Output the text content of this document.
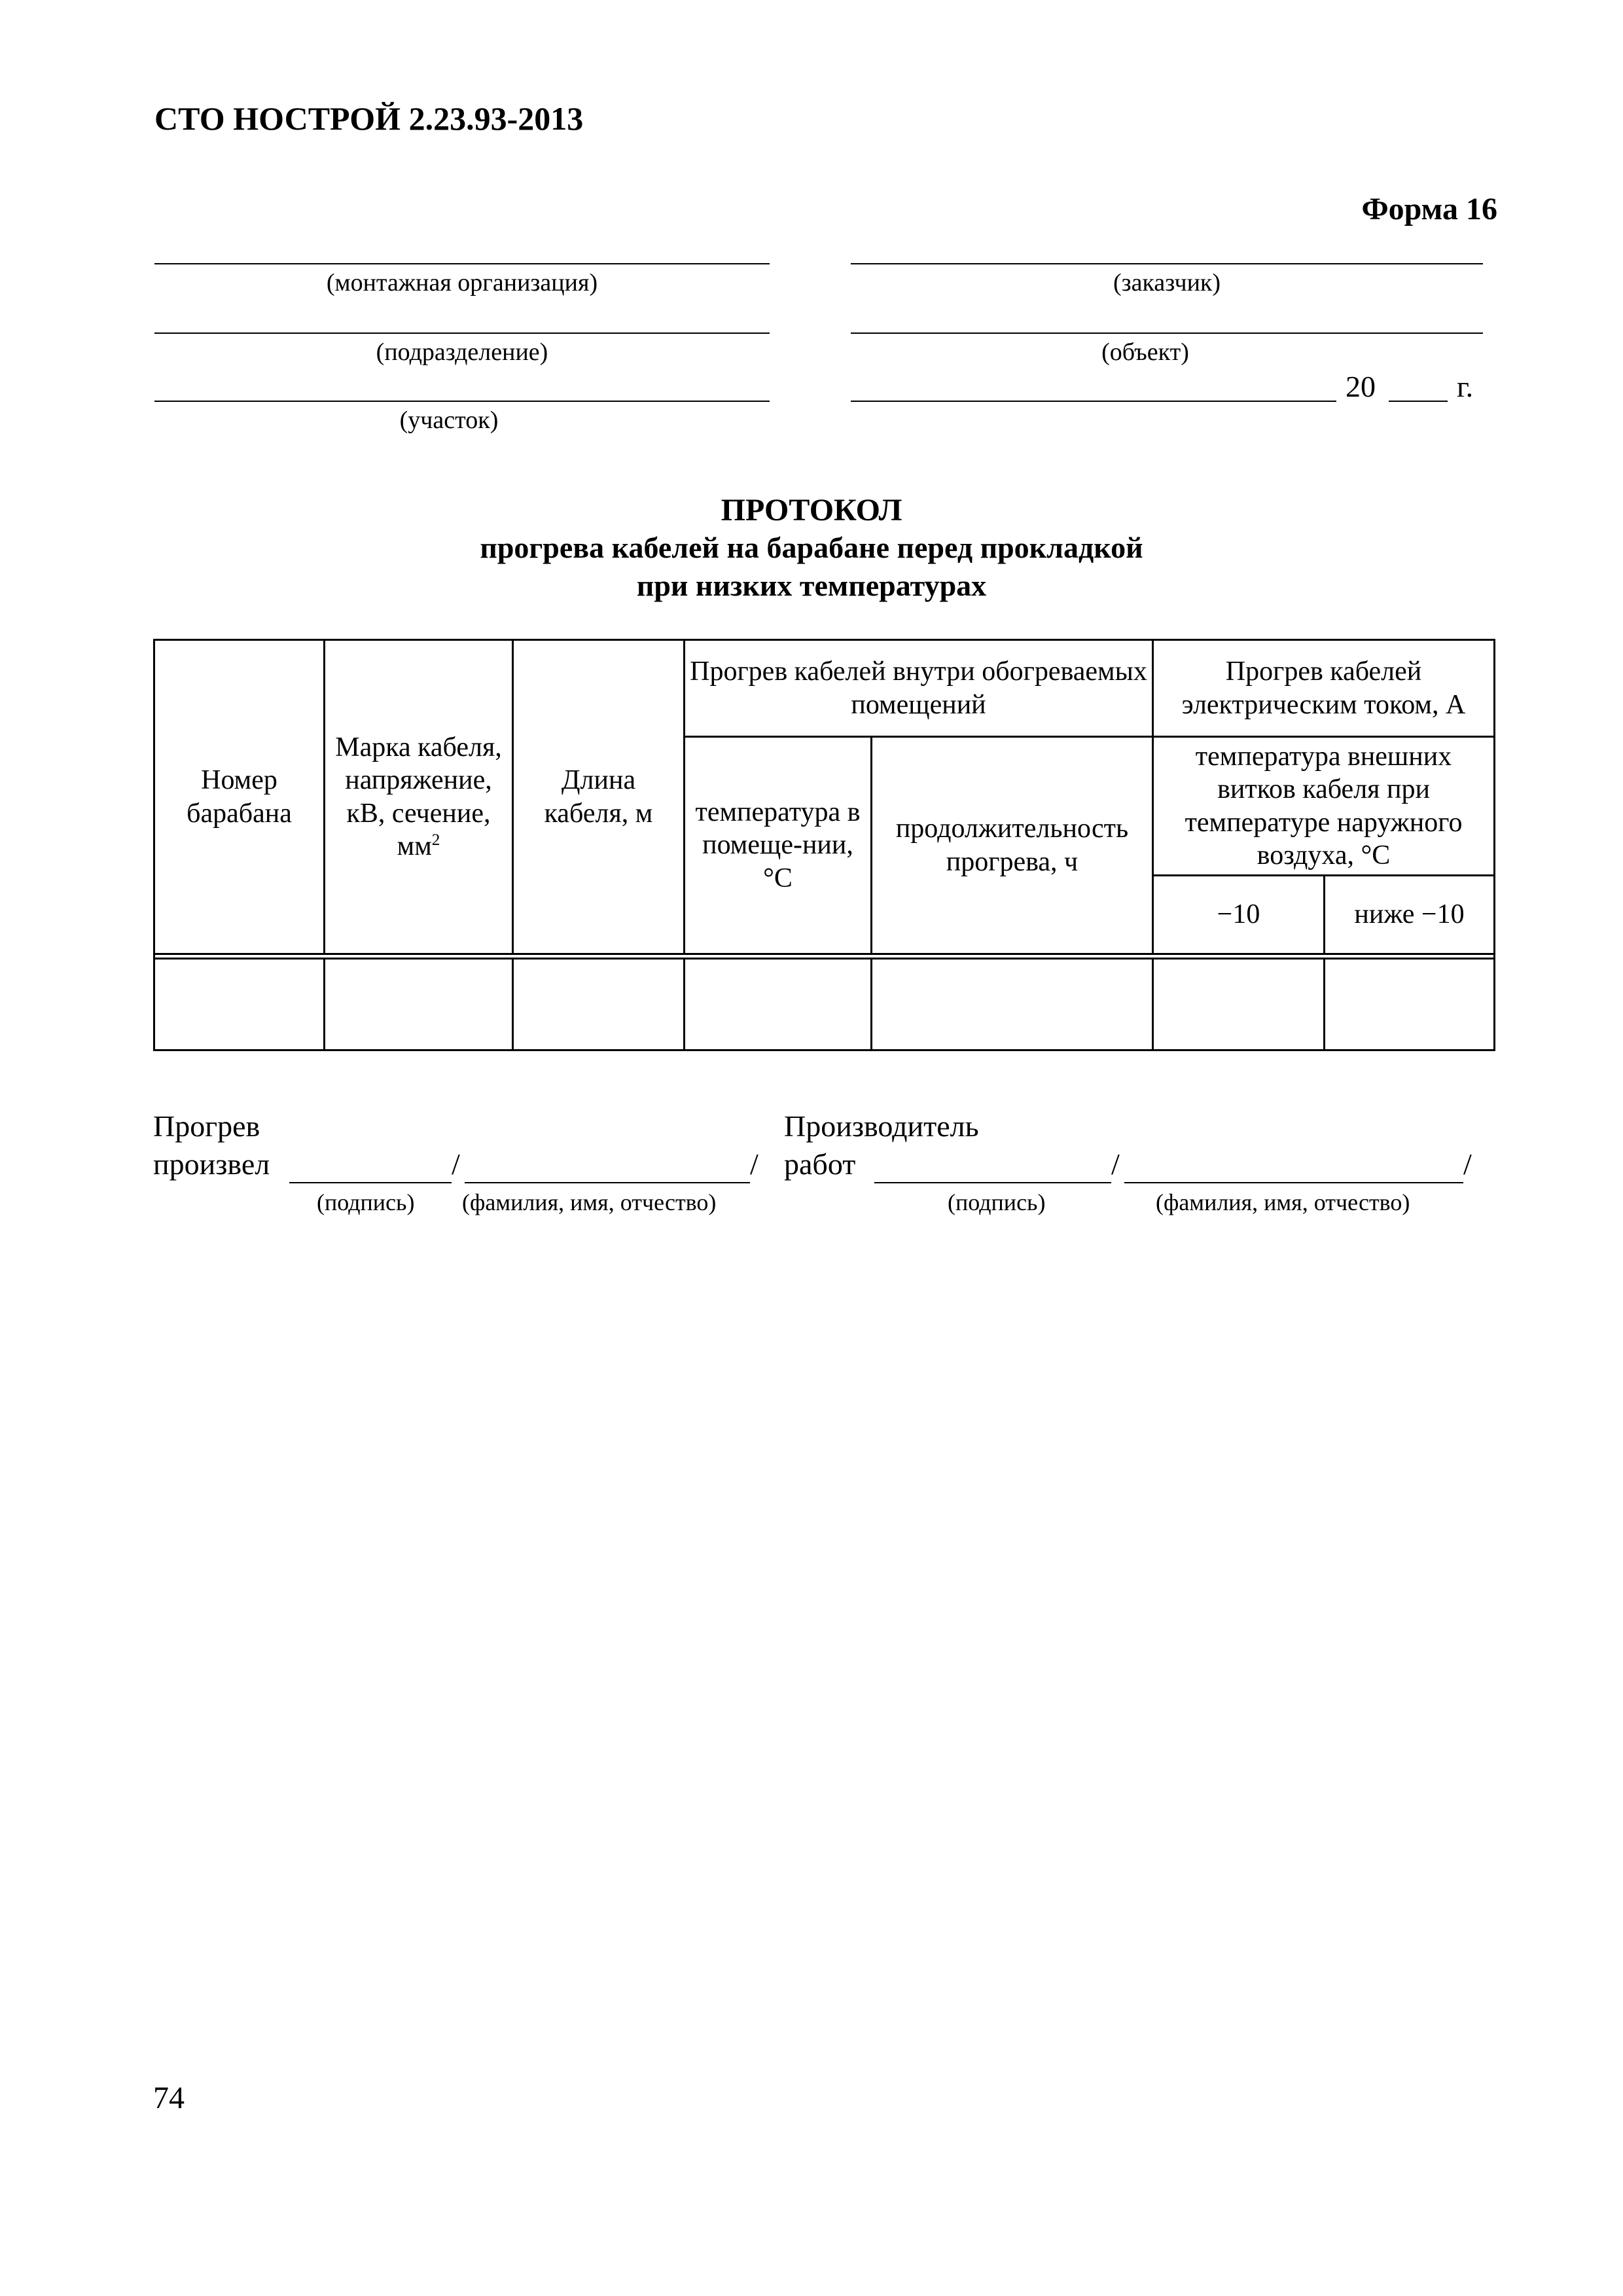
СТО НОСТРОЙ 2.23.93-2013
Форма 16
(монтажная организация)
(подразделение)
(участок)
(заказчик)
(объект)
20	г.
ПРОТОКОЛ
прогрева кабелей на барабане перед прокладкой
при низких температурах
Номер барабана	Марка кабеля, напряжение, кВ, сечение, $мм^2$	Длина кабеля, м	Прогрев кабелей внутри обогреваемых помещений		Прогрев кабелей электрическим током, А	
			температура в помеще-нии, °С	продолжительность прогрева, ч	температура внешних витков кабеля при температуре наружного воздуха, °С	
					−10	ниже −10

Прогрев
произвел	/	/
(подпись) (фамилия, имя, отчество)
Производитель
работ	/	/
(подпись)	(фамилия, имя, отчество)
74
